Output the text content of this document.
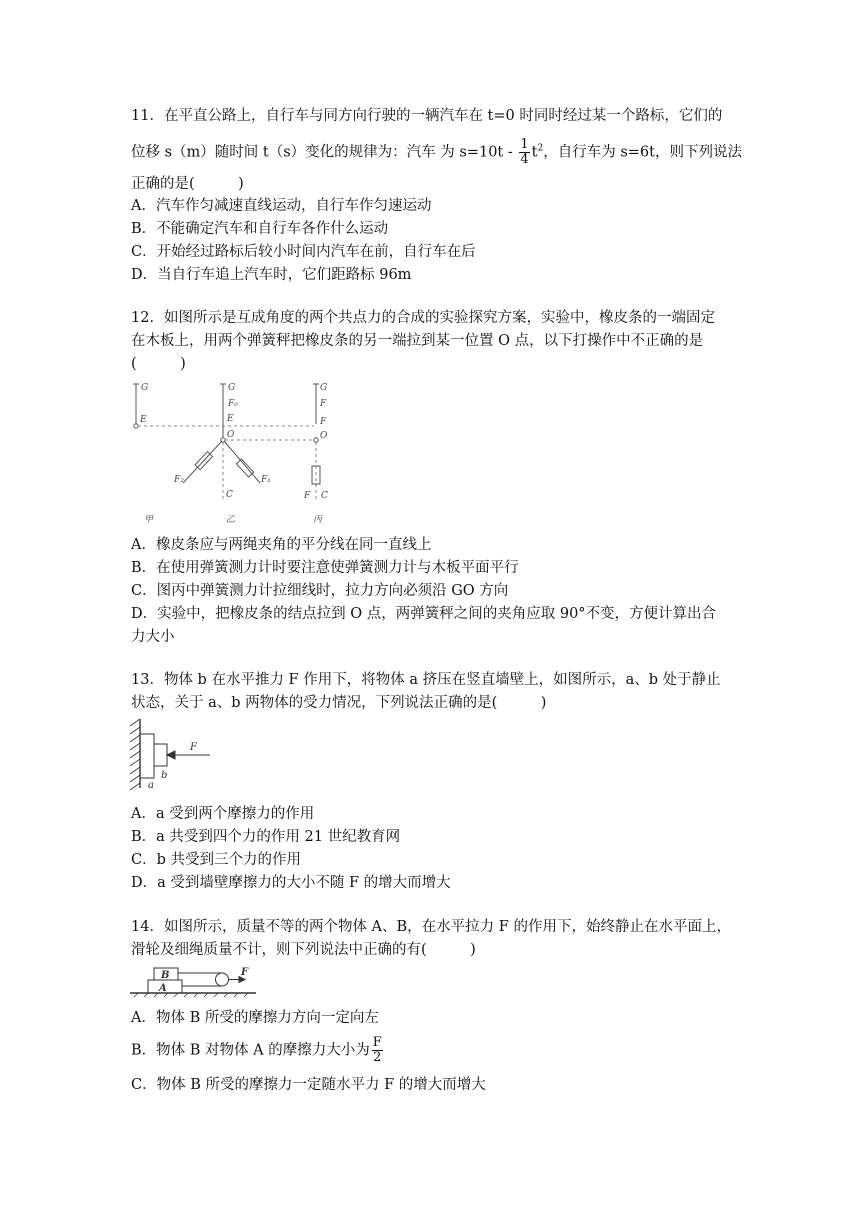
11．在平直公路上，自行车与同方向行驶的一辆汽车在 t=0 时同时经过某一个路标，它们的
位移 s（m）随时间 t（s）变化的规律为：汽车 为 $s=10t - \frac{1}{4} t^2$，自行车为 s=6t，则下列说法
正确的是(　　　)
A．汽车作匀减速直线运动，自行车作匀速运动
B．不能确定汽车和自行车各作什么运动
C．开始经过路标后较小时间内汽车在前，自行车在后
D．当自行车追上汽车时，它们距路标 96m
12．如图所示是互成角度的两个共点力的合成的实验探究方案，实验中，橡皮条的一端固定
在木板上，用两个弹簧秤把橡皮条的另一端拉到某一位置 O 点，以下打操作中不正确的是
(　　　)
G
E
G
F₀
E
O
F₂	F₁
C
G
F
F
O
F C
甲	乙	丙
A．橡皮条应与两绳夹角的平分线在同一直线上
B．在使用弹簧测力计时要注意使弹簧测力计与木板平面平行
C．图丙中弹簧测力计拉细线时，拉力方向必须沿 GO 方向
D．实验中，把橡皮条的结点拉到 O 点，两弹簧秤之间的夹角应取 90°不变，方便计算出合
力大小
13．物体 b 在水平推力 F 作用下，将物体 a 挤压在竖直墙壁上，如图所示，a、b 处于静止
状态，关于 a、b 两物体的受力情况，下列说法正确的是(　　　)
F
a
b
A．a 受到两个摩擦力的作用
B．a 共受到四个力的作用 21 世纪教育网
C．b 共受到三个力的作用
D．a 受到墙壁摩擦力的大小不随 F 的增大而增大
14．如图所示，质量不等的两个物体 A、B，在水平拉力 F 的作用下，始终静止在水平面上，
滑轮及细绳质量不计，则下列说法中正确的有(　　　)
B
A
F
A．物体 B 所受的摩擦力方向一定向左
B．物体 B 对物体 A 的摩擦力大小为 $\frac{F}{2}$
C．物体 B 所受的摩擦力一定随水平力 F 的增大而增大
